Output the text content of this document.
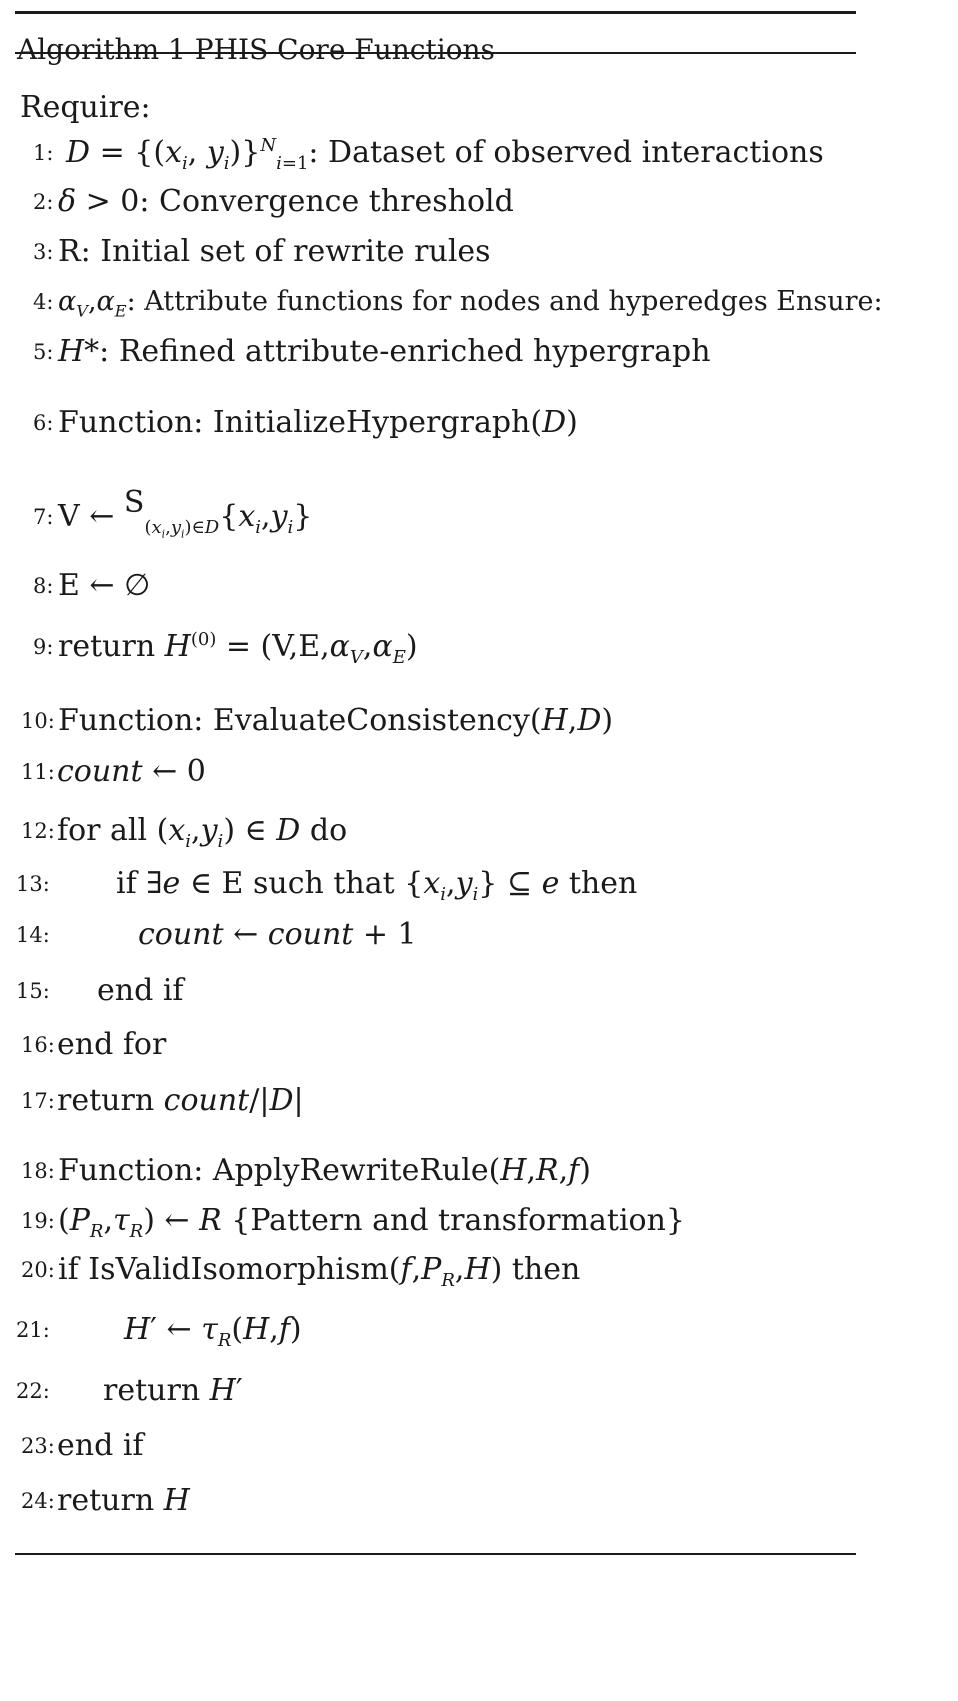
Algorithm 1 PHIS Core Functions
Require:
1: $D = \{(x_i$, $y_i)\}^N_{i=1}$: Dataset of observed interactions
2: δ > 0: Convergence threshold
3: R: Initial set of rewrite rules
4: $\alpha_V,\alpha_E$: Attribute functions for nodes and hyperedges Ensure:
5: H*: Refined attribute-enriched hypergraph
6: Function: InitializeHypergraph(D)
7: V ← $S_{(x_i,y_i)\in D}\{x_i,y_i\}$
8: E ← ∅
9: return $H^{(0)} = (V,E,\alpha_V,\alpha_E)$
10: Function: EvaluateConsistency(H,D)
11: count ← 0
12: for all $(x_i,y_i)$ ∈ D do
13: if ∃e ∈ E such that $\{x_i,y_i\}$ ⊆ e then
14:	count ← count + 1
15: end if
16: end for
17: return count/|D|
18: Function: ApplyRewriteRule(H,R,f)
19: $(P_R,\tau_R)$ ← R {Pattern and transformation}
20: if $IsValidIsomorphism(f,P_R,H)$ then
21: H′ ← $\tau_R(H,f)$
22: return H′
23: end if
24: return H
